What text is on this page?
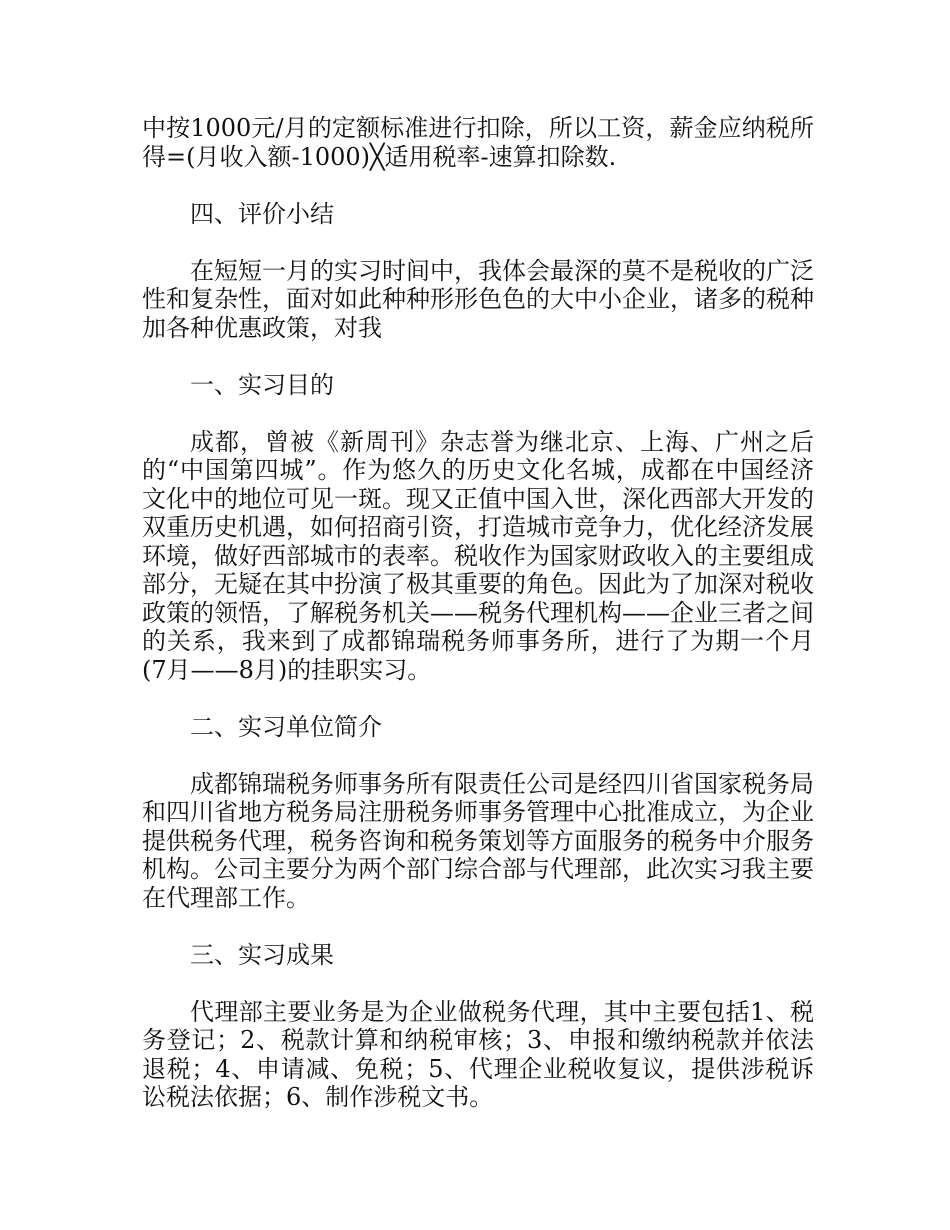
中按1000元/月的定额标准进行扣除，所以工资，薪金应纳税所得=(月收入额-1000)╳适用税率-速算扣除数.

四、评价小结

在短短一月的实习时间中，我体会最深的莫不是税收的广泛性和复杂性，面对如此种种形形色色的大中小企业，诸多的税种加各种优惠政策，对我

一、实习目的

成都，曾被《新周刊》杂志誉为继北京、上海、广州之后的“中国第四城”。作为悠久的历史文化名城，成都在中国经济文化中的地位可见一斑。现又正值中国入世，深化西部大开发的双重历史机遇，如何招商引资，打造城市竞争力，优化经济发展环境，做好西部城市的表率。税收作为国家财政收入的主要组成部分，无疑在其中扮演了极其重要的角色。因此为了加深对税收政策的领悟，了解税务机关——税务代理机构——企业三者之间的关系，我来到了成都锦瑞税务师事务所，进行了为期一个月(7月——8月)的挂职实习。

二、实习单位简介

成都锦瑞税务师事务所有限责任公司是经四川省国家税务局和四川省地方税务局注册税务师事务管理中心批准成立，为企业提供税务代理，税务咨询和税务策划等方面服务的税务中介服务机构。公司主要分为两个部门综合部与代理部，此次实习我主要在代理部工作。

三、实习成果

代理部主要业务是为企业做税务代理，其中主要包括1、税务登记；2、税款计算和纳税审核；3、申报和缴纳税款并依法退税；4、申请减、免税；5、代理企业税收复议，提供涉税诉讼税法依据；6、制作涉税文书。
